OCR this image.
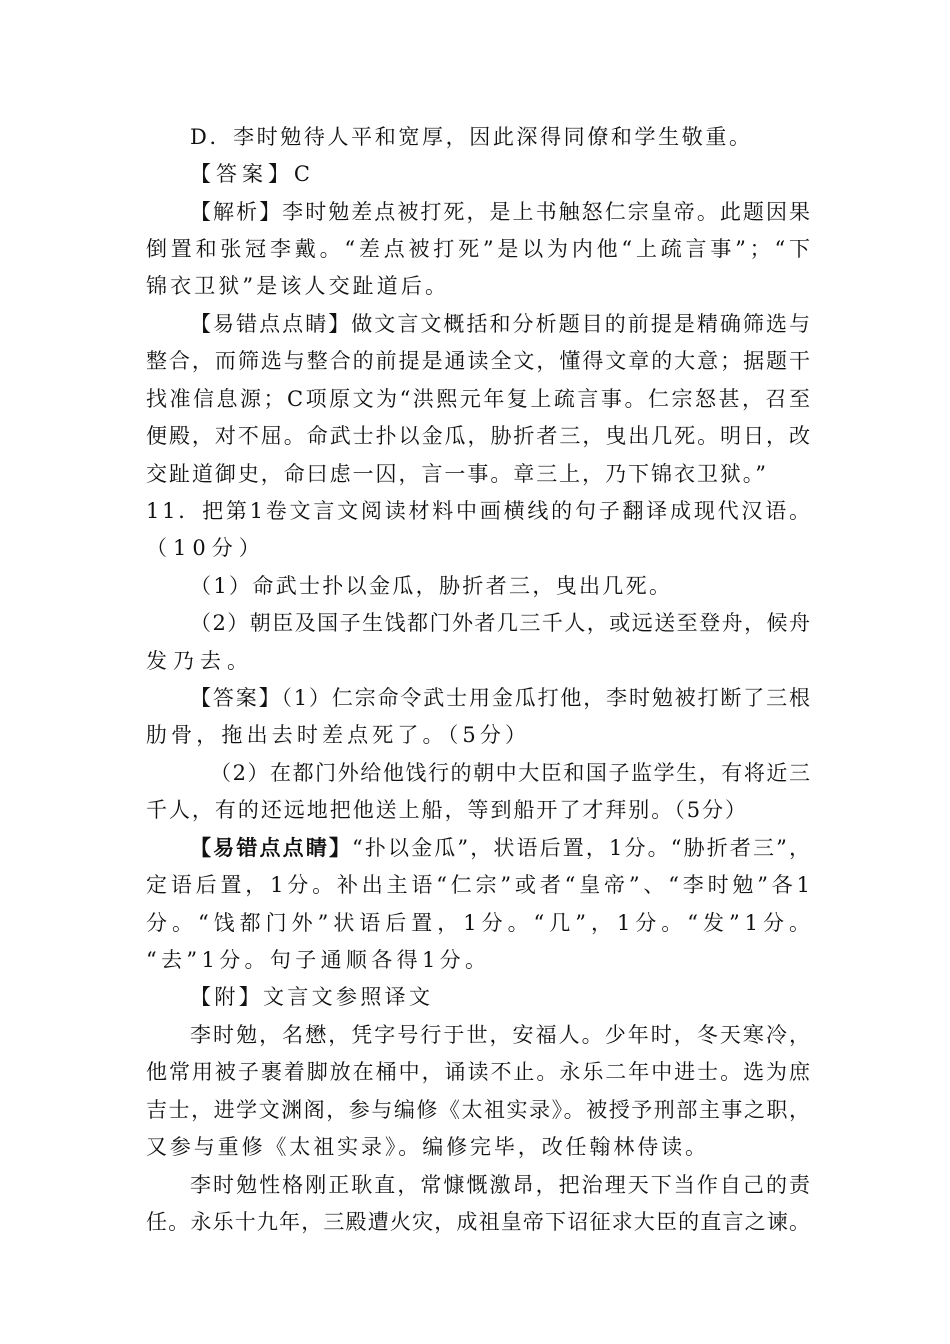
D．李时勉待人平和宽厚，因此深得同僚和学生敬重。
【答案】C
【解析】李时勉差点被打死，是上书触怒仁宗皇帝。此题因果
倒置和张冠李戴。“差点被打死”是以为内他“上疏言事”；“下
锦衣卫狱”是该人交趾道后。
【易错点点睛】做文言文概括和分析题目的前提是精确筛选与
整合，而筛选与整合的前提是通读全文，懂得文章的大意；据题干
找准信息源；C项原文为“洪熙元年复上疏言事。仁宗怒甚，召至
便殿，对不屈。命武士扑以金瓜，胁折者三，曳出几死。明日，改
交趾道御史，命曰虑一囚，言一事。章三上，乃下锦衣卫狱。”
11．把第1卷文言文阅读材料中画横线的句子翻译成现代汉语。
（10分）
（1）命武士扑以金瓜，胁折者三，曳出几死。
（2）朝臣及国子生饯都门外者几三千人，或远送至登舟，候舟
发乃去。
【答案】（1）仁宗命令武士用金瓜打他，李时勉被打断了三根
肋骨，拖出去时差点死了。（5分）
（2）在都门外给他饯行的朝中大臣和国子监学生，有将近三
千人，有的还远地把他送上船，等到船开了才拜别。（5分）
【易错点点睛】 “扑以金瓜”，状语后置，1分。“胁折者三”，
定语后置，1分。补出主语“仁宗”或者“皇帝”、“李时勉”各1
分。“饯都门外”状语后置，1分。“几”，1分。“发”1分。
“去”1分。句子通顺各得1分。
【附】文言文参照译文
李时勉，名懋，凭字号行于世，安福人。少年时，冬天寒冷，
他常用被子裹着脚放在桶中，诵读不止。永乐二年中进士。选为庶
吉士，进学文渊阁，参与编修《太祖实录》。被授予刑部主事之职，
又参与重修《太祖实录》。编修完毕，改任翰林侍读。
李时勉性格刚正耿直，常慷慨激昂，把治理天下当作自己的责
任。永乐十九年，三殿遭火灾，成祖皇帝下诏征求大臣的直言之谏。
